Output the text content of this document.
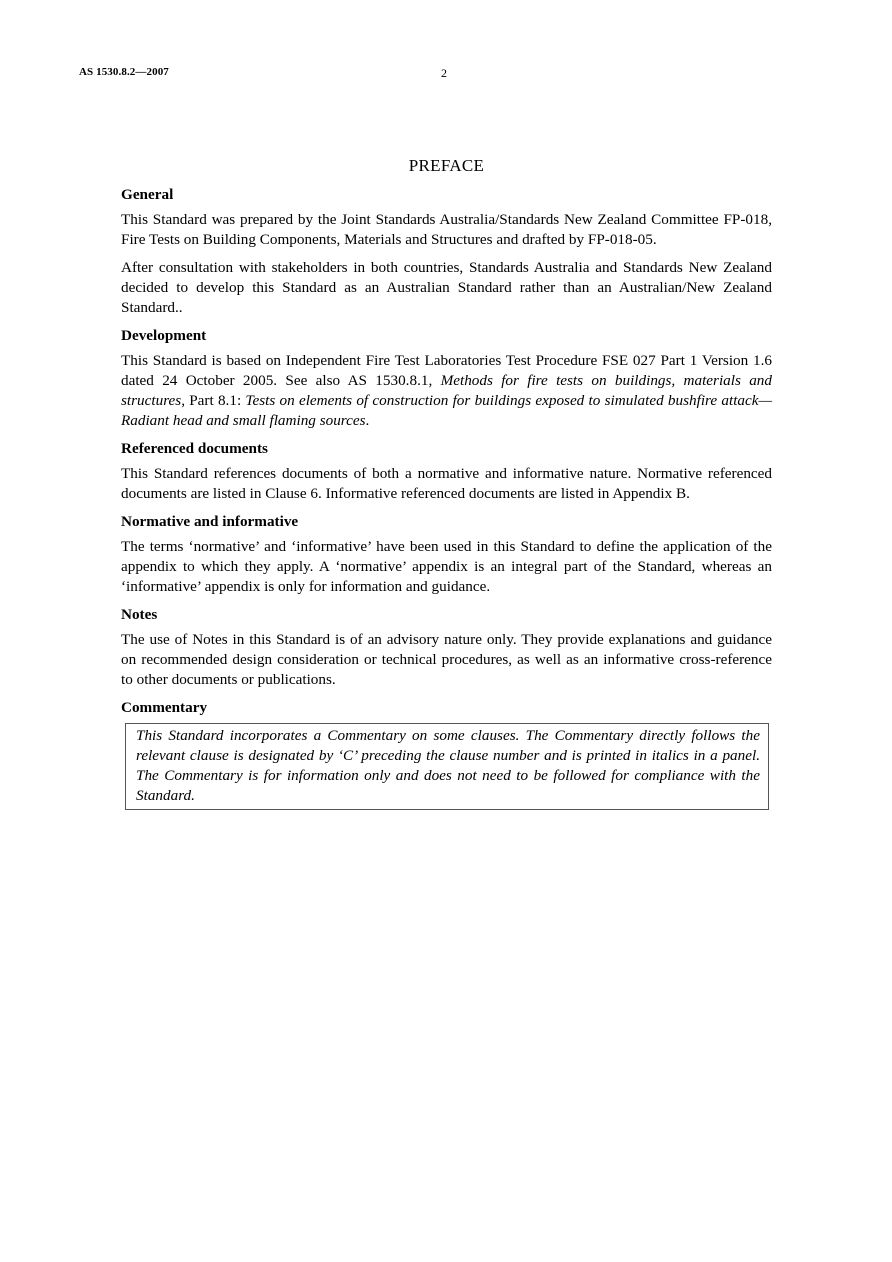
AS 1530.8.2—2007	2
PREFACE
General

This Standard was prepared by the Joint Standards Australia/Standards New Zealand Committee FP-018, Fire Tests on Building Components, Materials and Structures and drafted by FP-018-05.

After consultation with stakeholders in both countries, Standards Australia and Standards New Zealand decided to develop this Standard as an Australian Standard rather than an Australian/New Zealand Standard..

Development

This Standard is based on Independent Fire Test Laboratories Test Procedure FSE 027 Part 1 Version 1.6 dated 24 October 2005. See also AS 1530.8.1, Methods for fire tests on buildings, materials and structures, Part 8.1: Tests on elements of construction for buildings exposed to simulated bushfire attack—Radiant head and small flaming sources.

Referenced documents

This Standard references documents of both a normative and informative nature. Normative referenced documents are listed in Clause 6. Informative referenced documents are listed in Appendix B.

Normative and informative

The terms ‘normative’ and ‘informative’ have been used in this Standard to define the application of the appendix to which they apply. A ‘normative’ appendix is an integral part of the Standard, whereas an ‘informative’ appendix is only for information and guidance.

Notes

The use of Notes in this Standard is of an advisory nature only. They provide explanations and guidance on recommended design consideration or technical procedures, as well as an informative cross-reference to other documents or publications.

Commentary
This Standard incorporates a Commentary on some clauses. The Commentary directly follows the relevant clause is designated by ‘C’ preceding the clause number and is printed in italics in a panel. The Commentary is for information only and does not need to be followed for compliance with the Standard.
